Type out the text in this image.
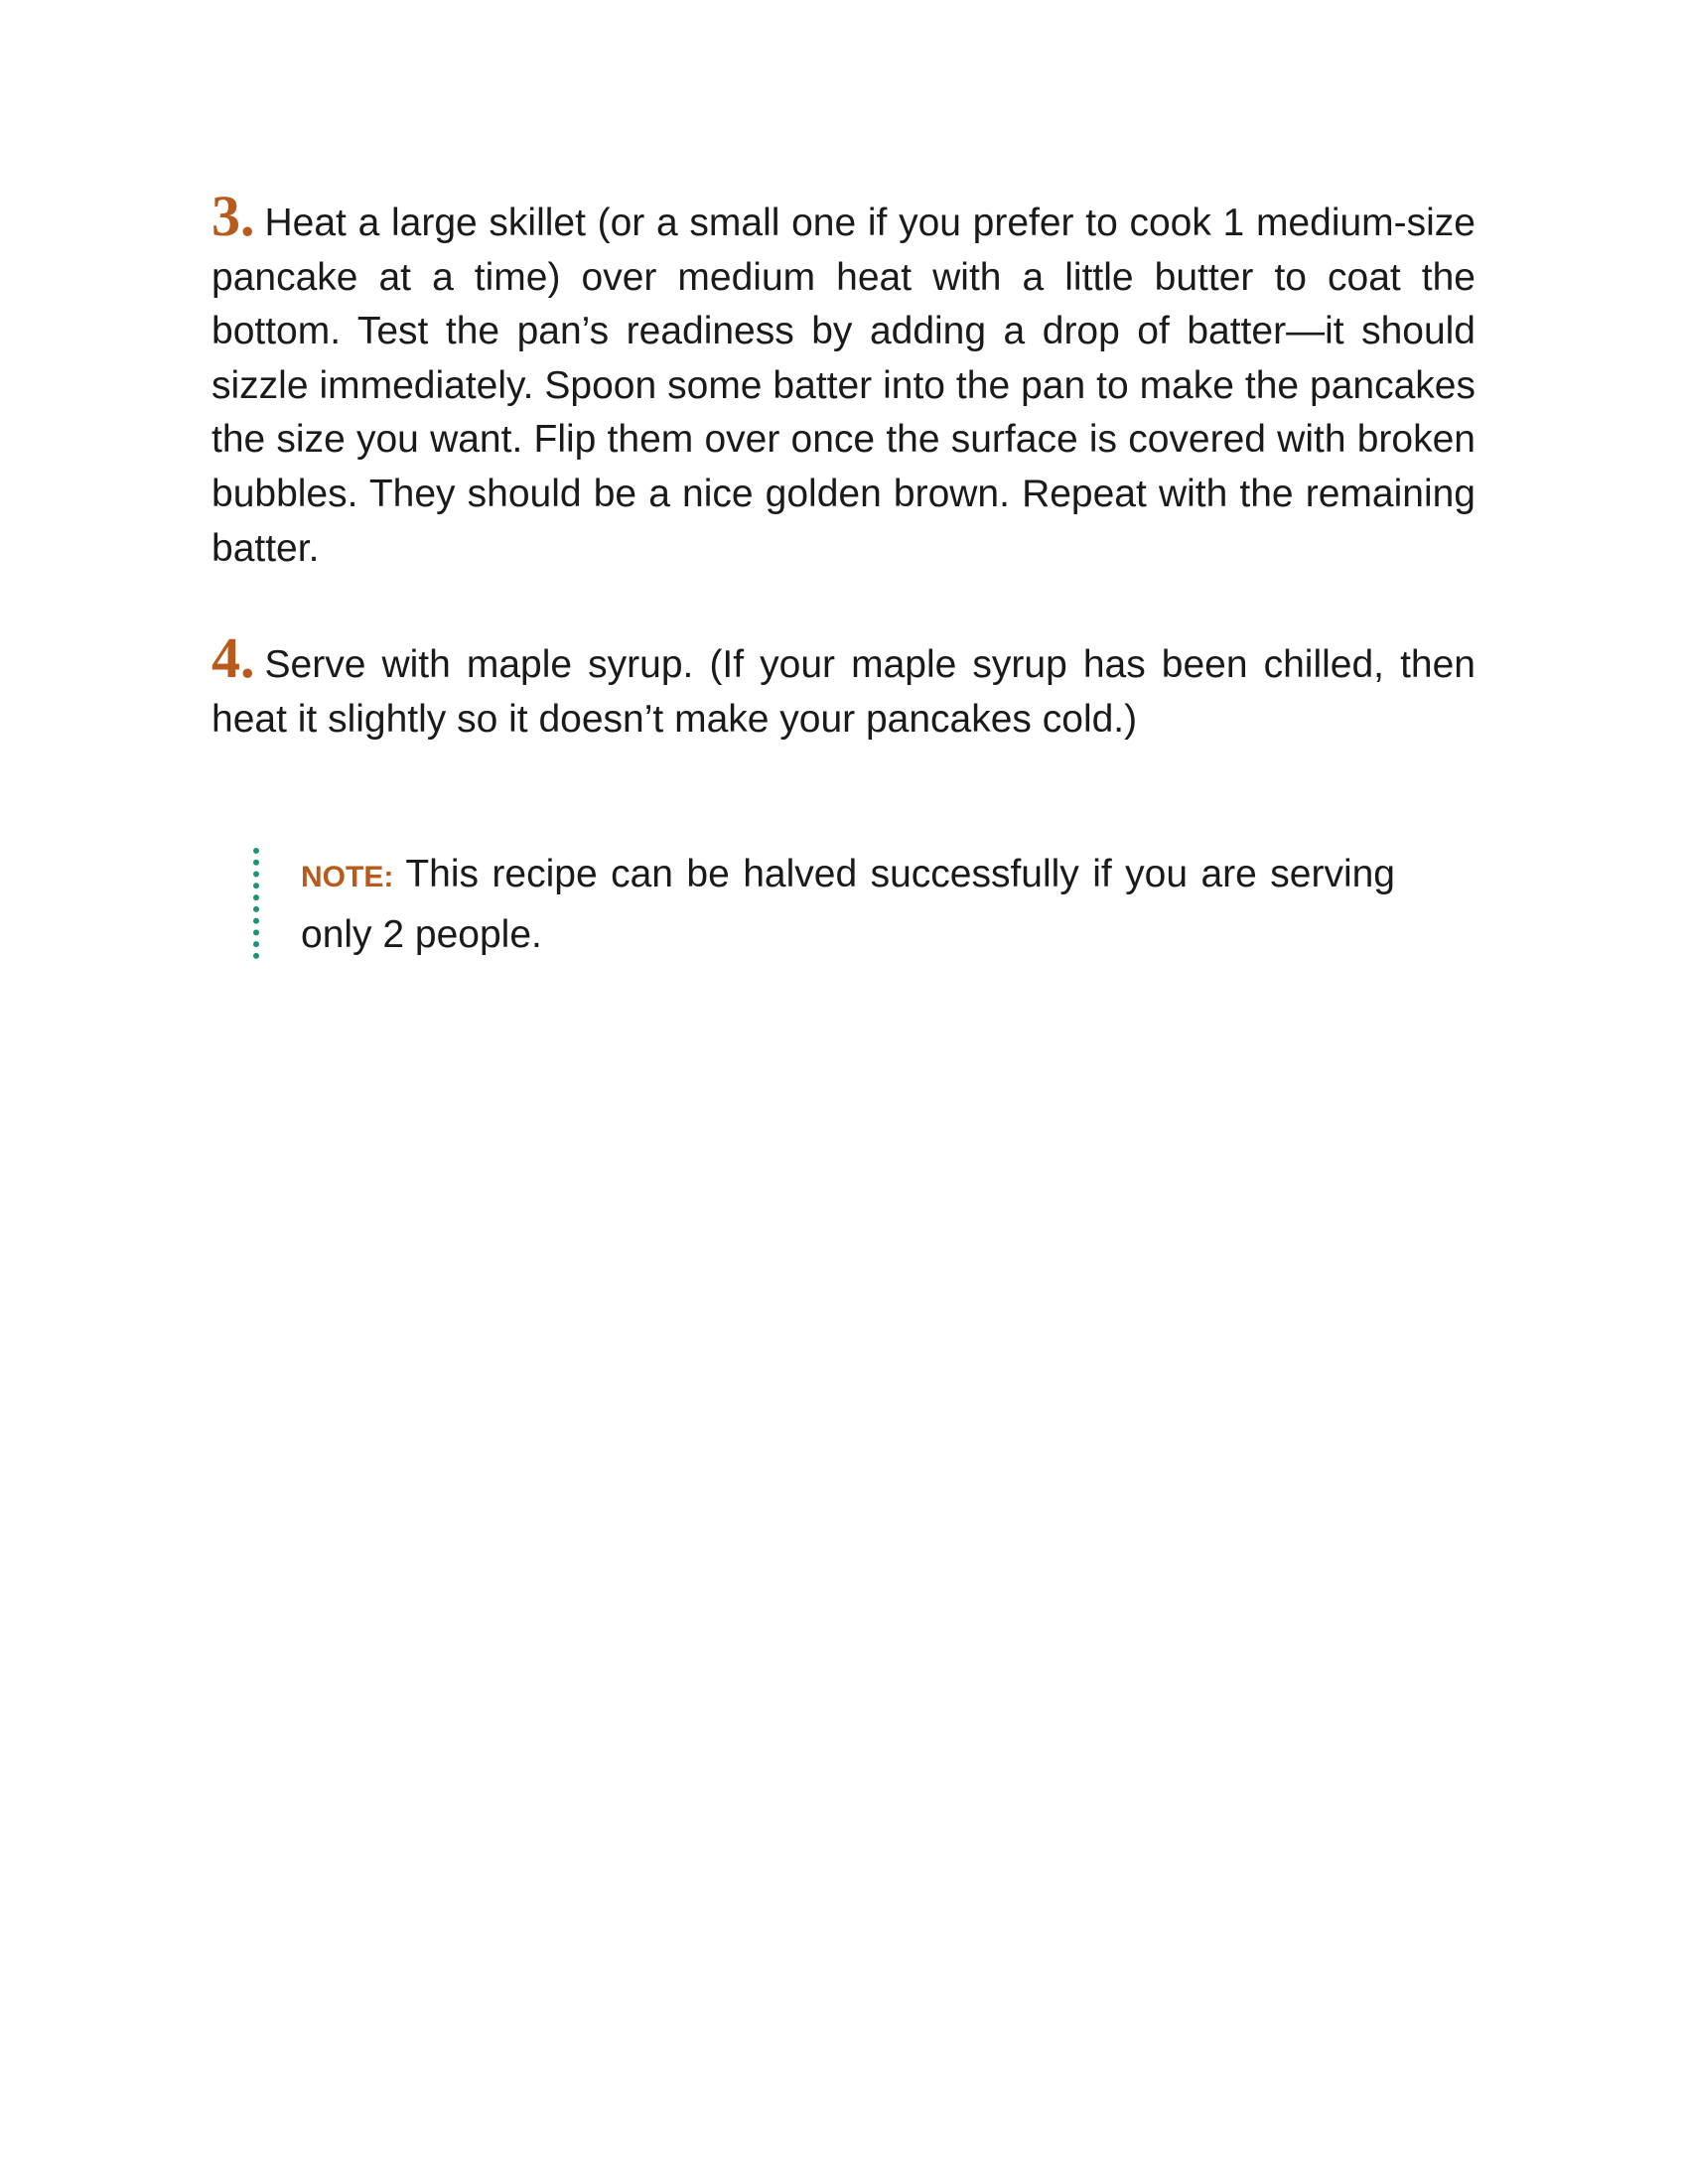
3. Heat a large skillet (or a small one if you prefer to cook 1 medium-size pancake at a time) over medium heat with a little butter to coat the bottom. Test the pan’s readiness by adding a drop of batter—it should sizzle immediately. Spoon some batter into the pan to make the pancakes the size you want. Flip them over once the surface is covered with broken bubbles. They should be a nice golden brown. Repeat with the remaining batter.

4. Serve with maple syrup. (If your maple syrup has been chilled, then heat it slightly so it doesn’t make your pancakes cold.)

NOTE: This recipe can be halved successfully if you are serving only 2 people.
